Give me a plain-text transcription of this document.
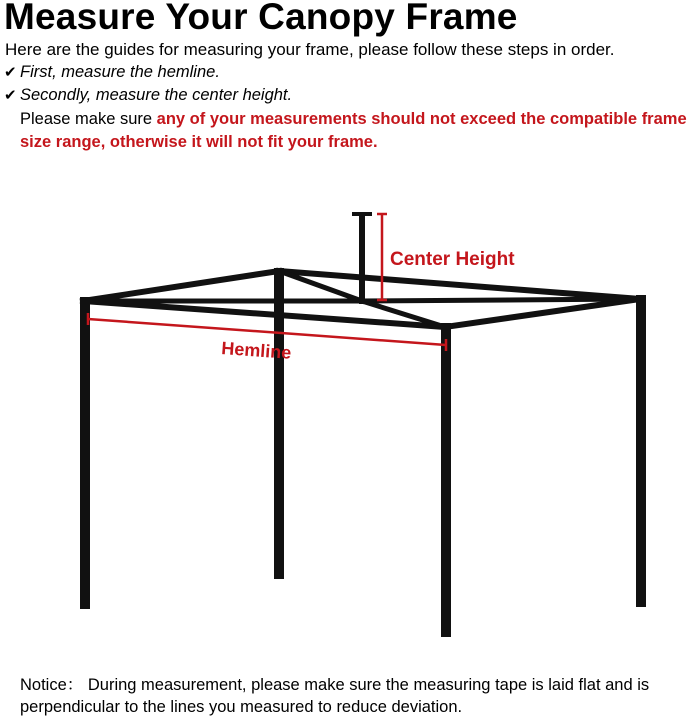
Measure Your Canopy Frame
Here are the guides for measuring your frame, please follow these steps in order.
✔ First, measure the hemline.
✔ Secondly, measure the center height.
Please make sure any of your measurements should not exceed the compatible frame size range, otherwise it will not fit your frame.
Center Height
Hemline
Notice： During measurement, please make sure the measuring tape is laid flat and is perpendicular to the lines you measured to reduce deviation.
